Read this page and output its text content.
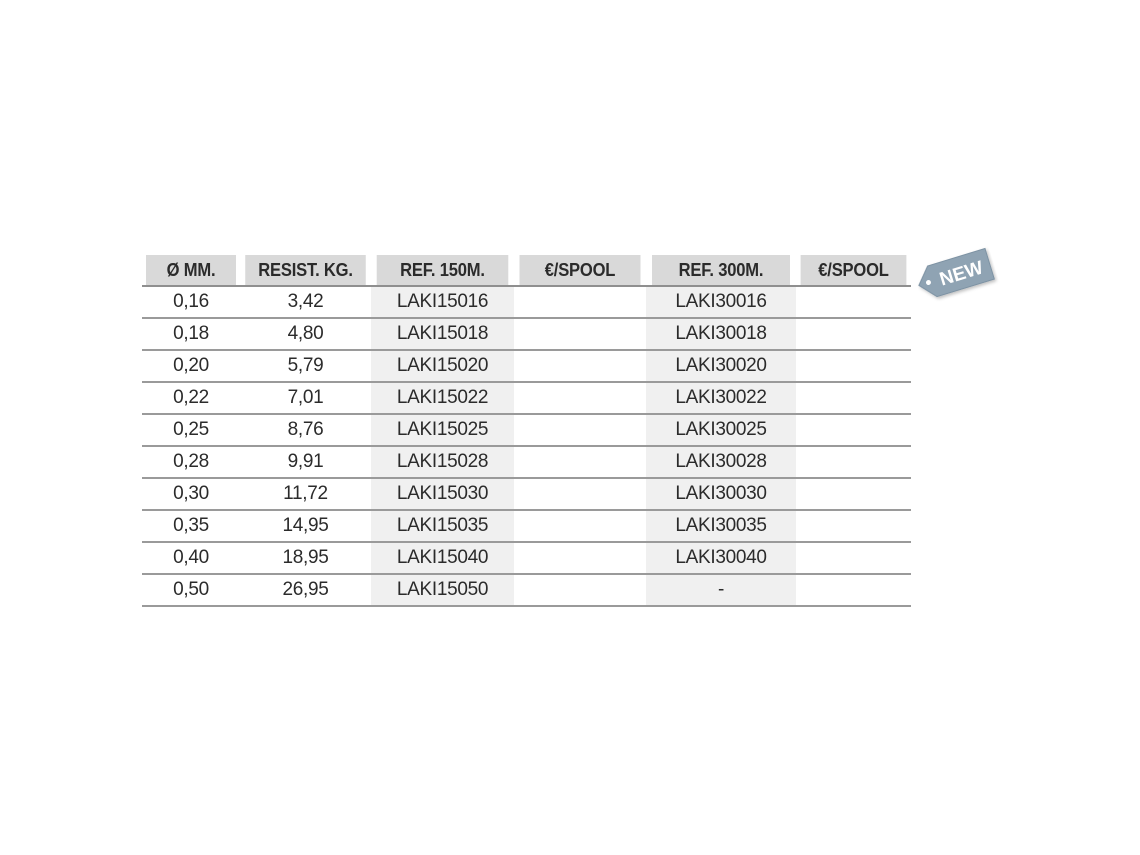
Ø MM.	RESIST. KG.	REF. 150M.	€/SPOOL	REF. 300M.	€/SPOOL
0,16	3,42	LAKI15016		LAKI30016	
0,18	4,80	LAKI15018		LAKI30018	
0,20	5,79	LAKI15020		LAKI30020	
0,22	7,01	LAKI15022		LAKI30022	
0,25	8,76	LAKI15025		LAKI30025	
0,28	9,91	LAKI15028		LAKI30028	
0,30	11,72	LAKI15030		LAKI30030	
0,35	14,95	LAKI15035		LAKI30035	
0,40	18,95	LAKI15040		LAKI30040	
0,50	26,95	LAKI15050		-	
NEW
